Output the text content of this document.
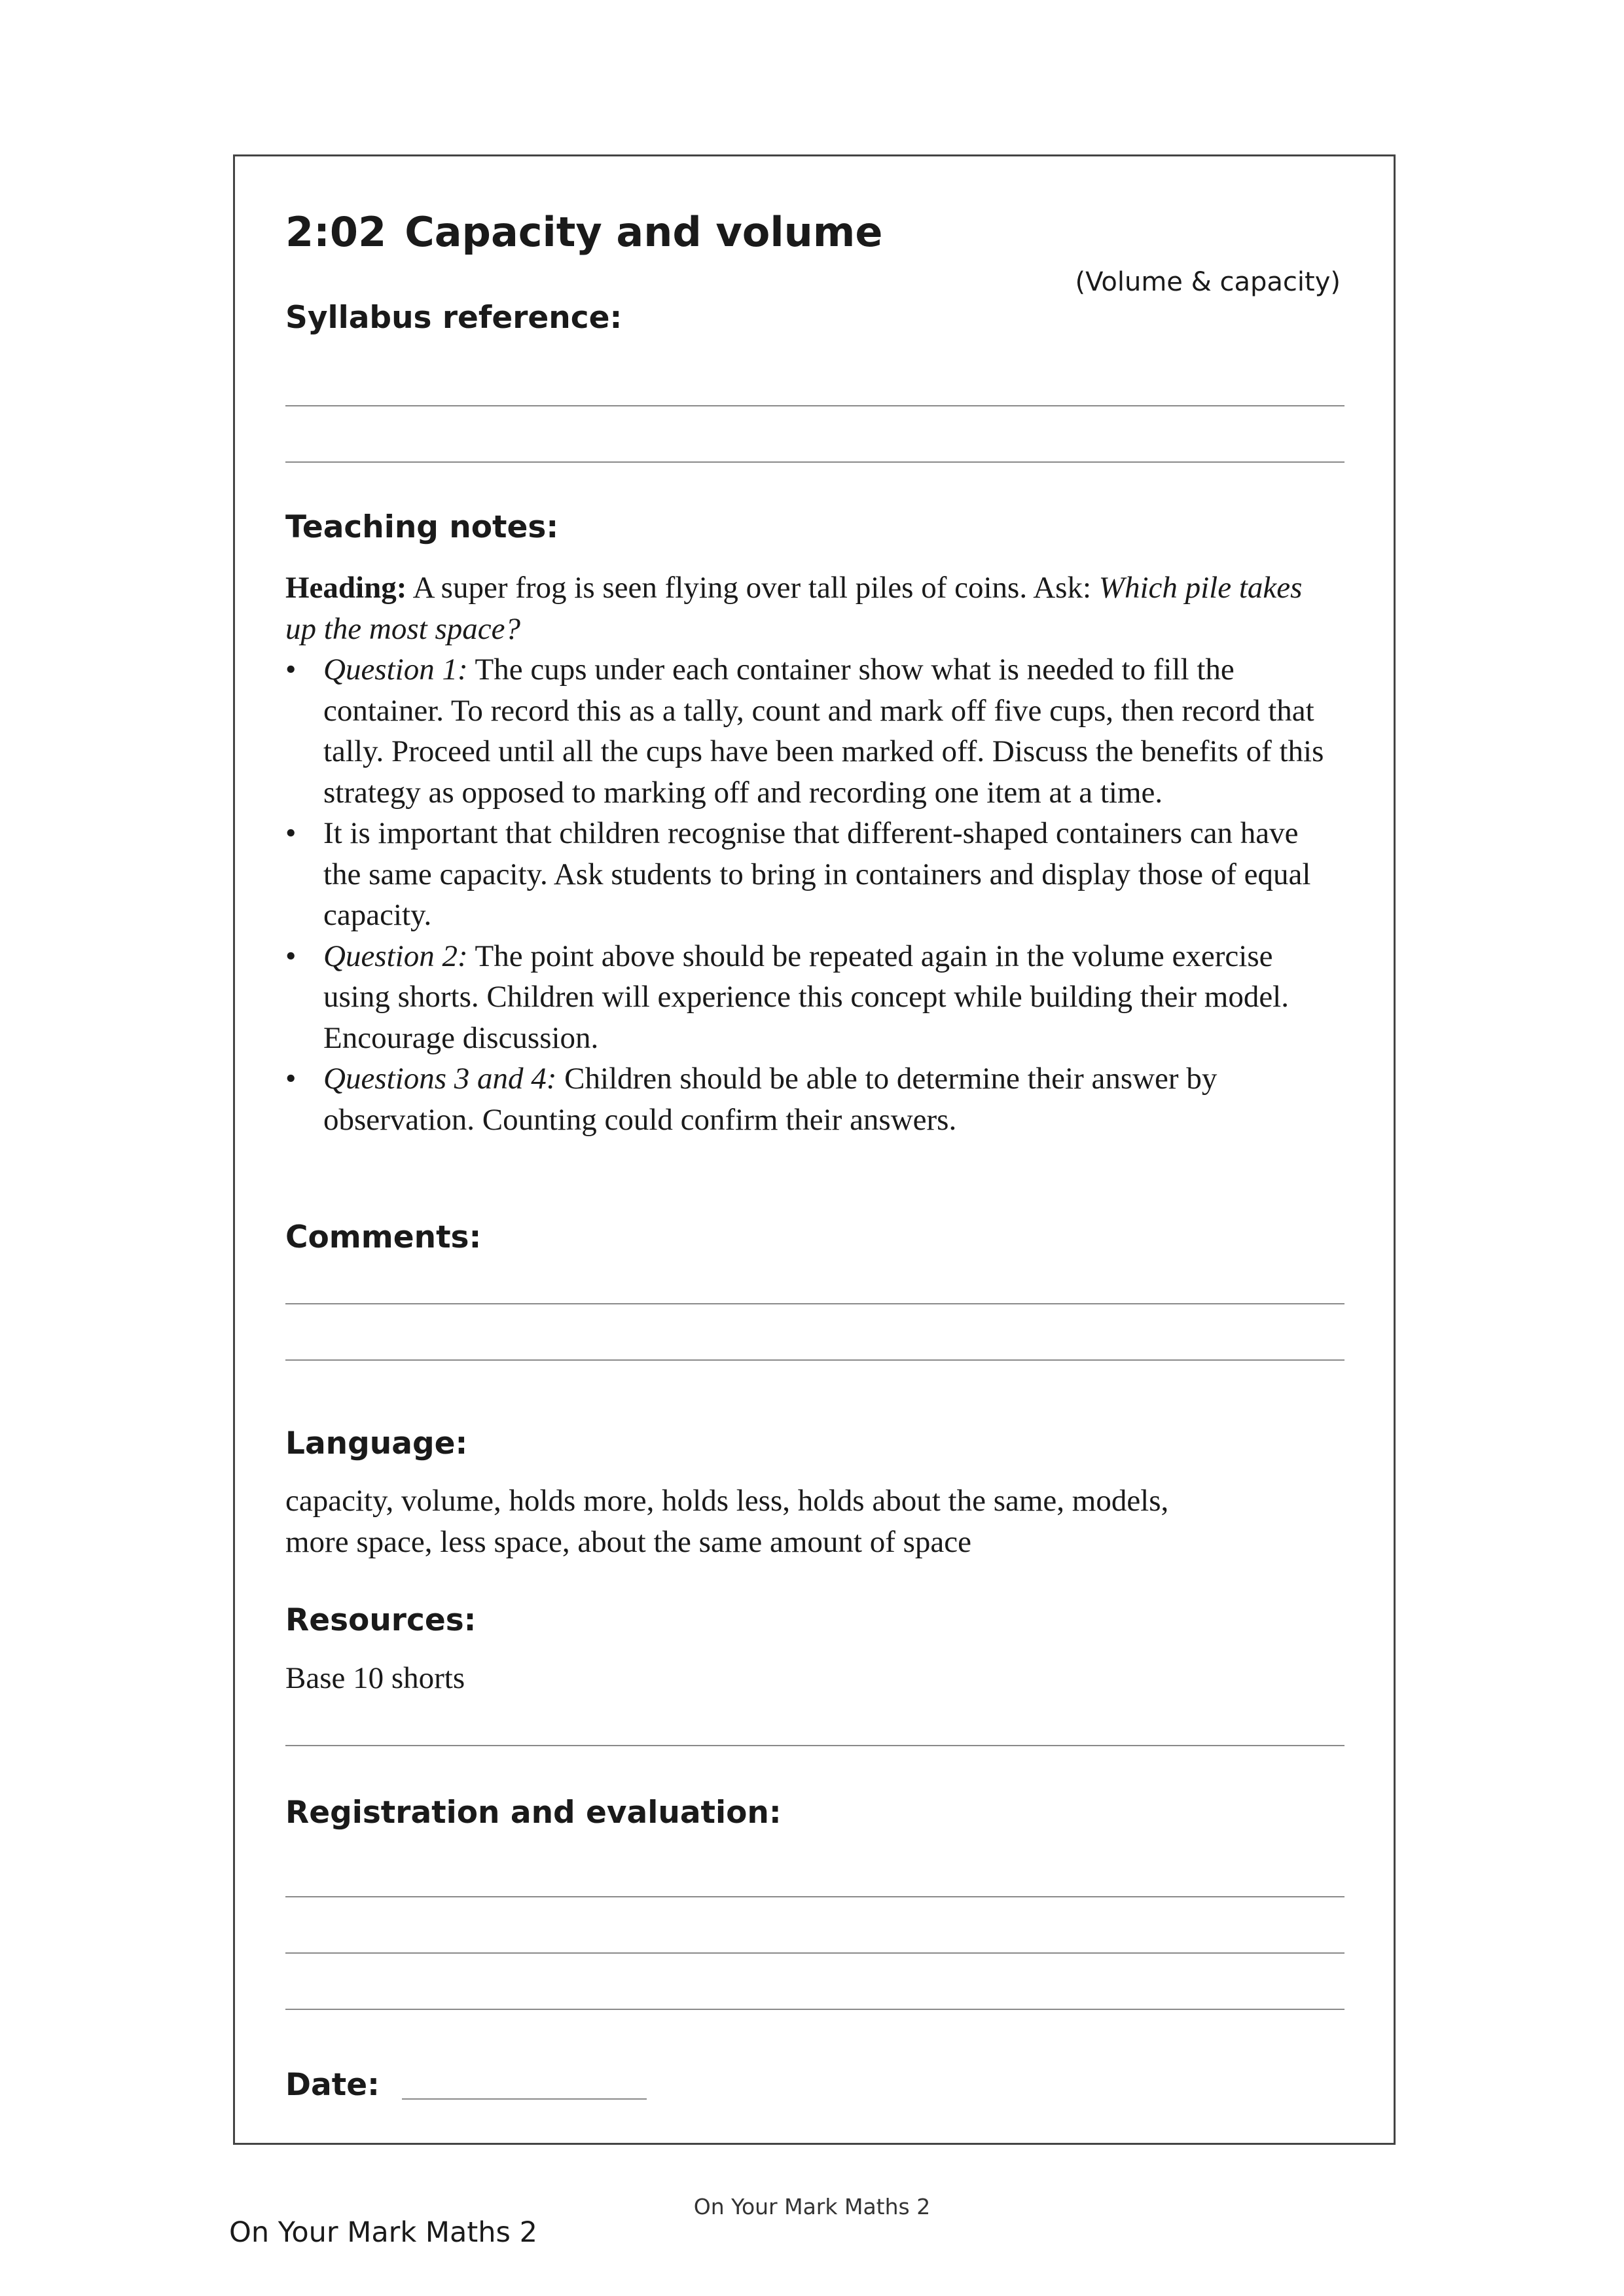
2:02 Capacity and volume
(Volume & capacity)
Syllabus reference:
Teaching notes:
Heading: A super frog is seen flying over tall piles of coins. Ask: Which pile takes up the most space?
• Question 1: The cups under each container show what is needed to fill the container. To record this as a tally, count and mark off five cups, then record that tally. Proceed until all the cups have been marked off. Discuss the benefits of this strategy as opposed to marking off and recording one item at a time.
• It is important that children recognise that different-shaped containers can have the same capacity. Ask students to bring in containers and display those of equal capacity.
• Question 2: The point above should be repeated again in the volume exercise using shorts. Children will experience this concept while building their model. Encourage discussion.
• Questions 3 and 4: Children should be able to determine their answer by observation. Counting could confirm their answers.
Comments:
Language:
capacity, volume, holds more, holds less, holds about the same, models,
more space, less space, about the same amount of space
Resources:
Base 10 shorts
Registration and evaluation:
Date:
On Your Mark Maths 2
On Your Mark Maths 2
